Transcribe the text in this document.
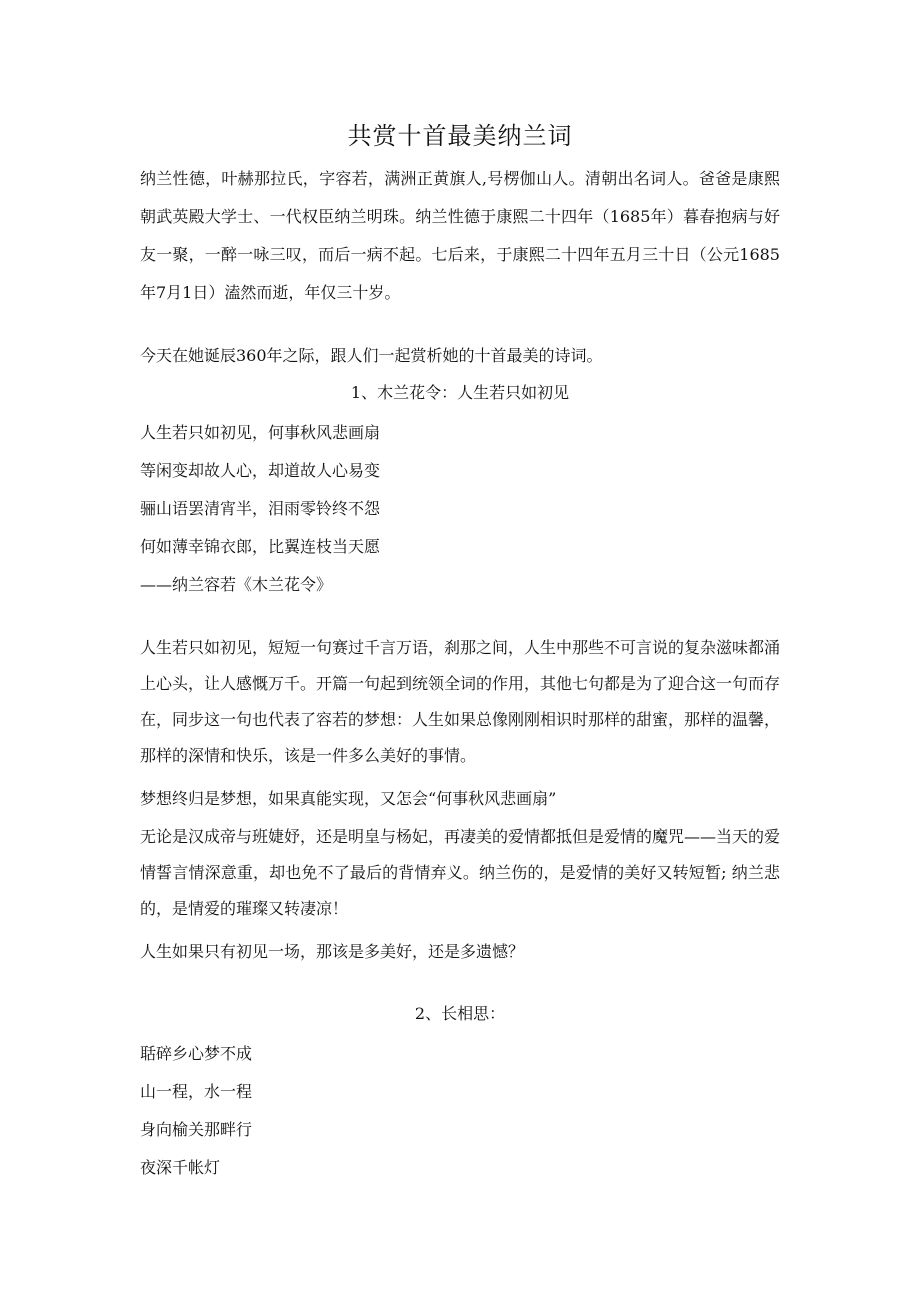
共赏十首最美纳兰词
纳兰性德，叶赫那拉氏，字容若，满洲正黄旗人,号楞伽山人。清朝出名词人。爸爸是康熙朝武英殿大学士、一代权臣纳兰明珠。纳兰性德于康熙二十四年（1685年）暮春抱病与好友一聚，一醉一咏三叹，而后一病不起。七后来，于康熙二十四年五月三十日（公元1685年7月1日）溘然而逝，年仅三十岁。
今天在她诞辰360年之际，跟人们一起赏析她的十首最美的诗词。
1、木兰花令：人生若只如初见
人生若只如初见，何事秋风悲画扇
等闲变却故人心，却道故人心易变
骊山语罢清宵半，泪雨零铃终不怨
何如薄幸锦衣郎，比翼连枝当天愿
——纳兰容若《木兰花令》
人生若只如初见，短短一句赛过千言万语，刹那之间，人生中那些不可言说的复杂滋味都涌上心头，让人感慨万千。开篇一句起到统领全词的作用，其他七句都是为了迎合这一句而存在，同步这一句也代表了容若的梦想：人生如果总像刚刚相识时那样的甜蜜，那样的温馨，那样的深情和快乐，该是一件多么美好的事情。
梦想终归是梦想，如果真能实现，又怎会“何事秋风悲画扇”
无论是汉成帝与班婕妤，还是明皇与杨妃，再凄美的爱情都抵但是爱情的魔咒——当天的爱情誓言情深意重，却也免不了最后的背情弃义。纳兰伤的，是爱情的美好又转短暂; 纳兰悲的，是情爱的璀璨又转凄凉！
人生如果只有初见一场，那该是多美好，还是多遗憾？
2、长相思：
聒碎乡心梦不成
山一程，水一程
身向榆关那畔行
夜深千帐灯
